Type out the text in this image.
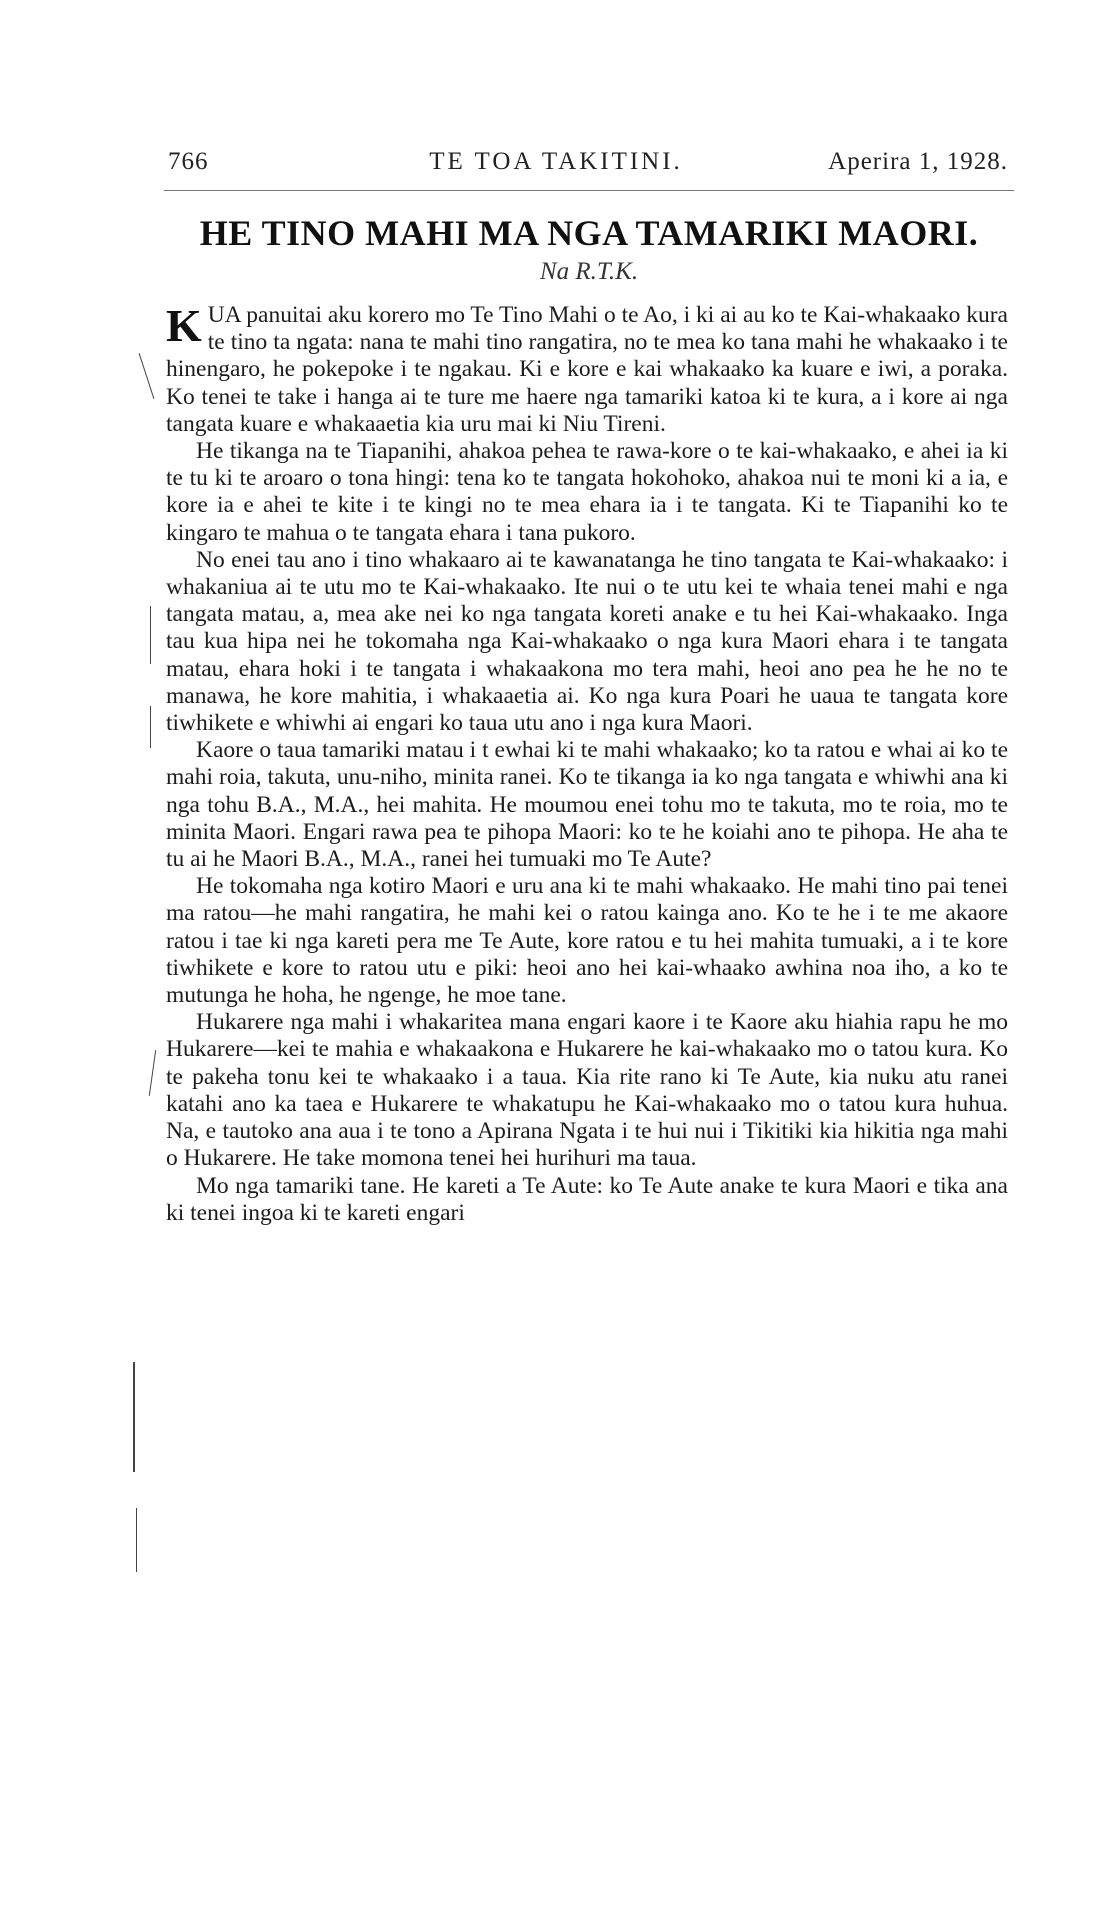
766	TE TOA TAKITINI.	Aperira 1, 1928.
HE TINO MAHI MA NGA TAMARIKI MAORI.
Na R.T.K.

KUA panuitai aku korero mo Te Tino Mahi o te Ao, i ki ai au ko te Kai-whakaako kura te tino ta ngata: nana te mahi tino rangatira, no te mea ko tana mahi he whakaako i te hinengaro, he pokepoke i te ngakau. Ki e kore e kai whakaako ka kuare e iwi, a poraka. Ko tenei te take i hanga ai te ture me haere nga tamariki katoa ki te kura, a i kore ai nga tangata kuare e whakaaetia kia uru mai ki Niu Tireni.

He tikanga na te Tiapanihi, ahakoa pehea te rawa-kore o te kai-whakaako, e ahei ia ki te tu ki te aroaro o tona hingi: tena ko te tangata hokohoko, ahakoa nui te moni ki a ia, e kore ia e ahei te kite i te kingi no te mea ehara ia i te tangata. Ki te Tiapanihi ko te kingaro te mahua o te tangata ehara i tana pukoro.

No enei tau ano i tino whakaaro ai te kawanatanga he tino tangata te Kai-whakaako: i whakaniua ai te utu mo te Kai-whakaako. Ite nui o te utu kei te whaia tenei mahi e nga tangata matau, a, mea ake nei ko nga tangata koreti anake e tu hei Kai-whakaako. Inga tau kua hipa nei he tokomaha nga Kai-whakaako o nga kura Maori ehara i te tangata matau, ehara hoki i te tangata i whakaakona mo tera mahi, heoi ano pea he he no te manawa, he kore mahitia, i whakaaetia ai. Ko nga kura Poari he uaua te tangata kore tiwhikete e whiwhi ai engari ko taua utu ano i nga kura Maori.

Kaore o taua tamariki matau i t ewhai ki te mahi whakaako; ko ta ratou e whai ai ko te mahi roia, takuta, unu-niho, minita ranei. Ko te tikanga ia ko nga tangata e whiwhi ana ki nga tohu B.A., M.A., hei mahita. He moumou enei tohu mo te takuta, mo te roia, mo te minita Maori. Engari rawa pea te pihopa Maori: ko te he koiahi ano te pihopa. He aha te tu ai he Maori B.A., M.A., ranei hei tumuaki mo Te Aute?

He tokomaha nga kotiro Maori e uru ana ki te mahi whakaako. He mahi tino pai tenei ma ratou—he mahi rangatira, he mahi kei o ratou kainga ano. Ko te he i te me akaore ratou i tae ki nga kareti pera me Te Aute, kore ratou e tu hei mahita tumuaki, a i te kore tiwhikete e kore to ratou utu e piki: heoi ano hei kai-whaako awhina noa iho, a ko te mutunga he hoha, he ngenge, he moe tane.

Hukarere nga mahi i whakaritea mana engari kaore i te Kaore aku hiahia rapu he mo Hukarere—kei te mahia e whakaakona e Hukarere he kai-whakaako mo o tatou kura. Ko te pakeha tonu kei te whakaako i a taua. Kia rite rano ki Te Aute, kia nuku atu ranei katahi ano ka taea e Hukarere te whakatupu he Kai-whakaako mo o tatou kura huhua. Na, e tautoko ana aua i te tono a Apirana Ngata i te hui nui i Tikitiki kia hikitia nga mahi o Hukarere. He take momona tenei hei hurihuri ma taua.

Mo nga tamariki tane. He kareti a Te Aute: ko Te Aute anake te kura Maori e tika ana ki tenei ingoa ki te kareti engari
